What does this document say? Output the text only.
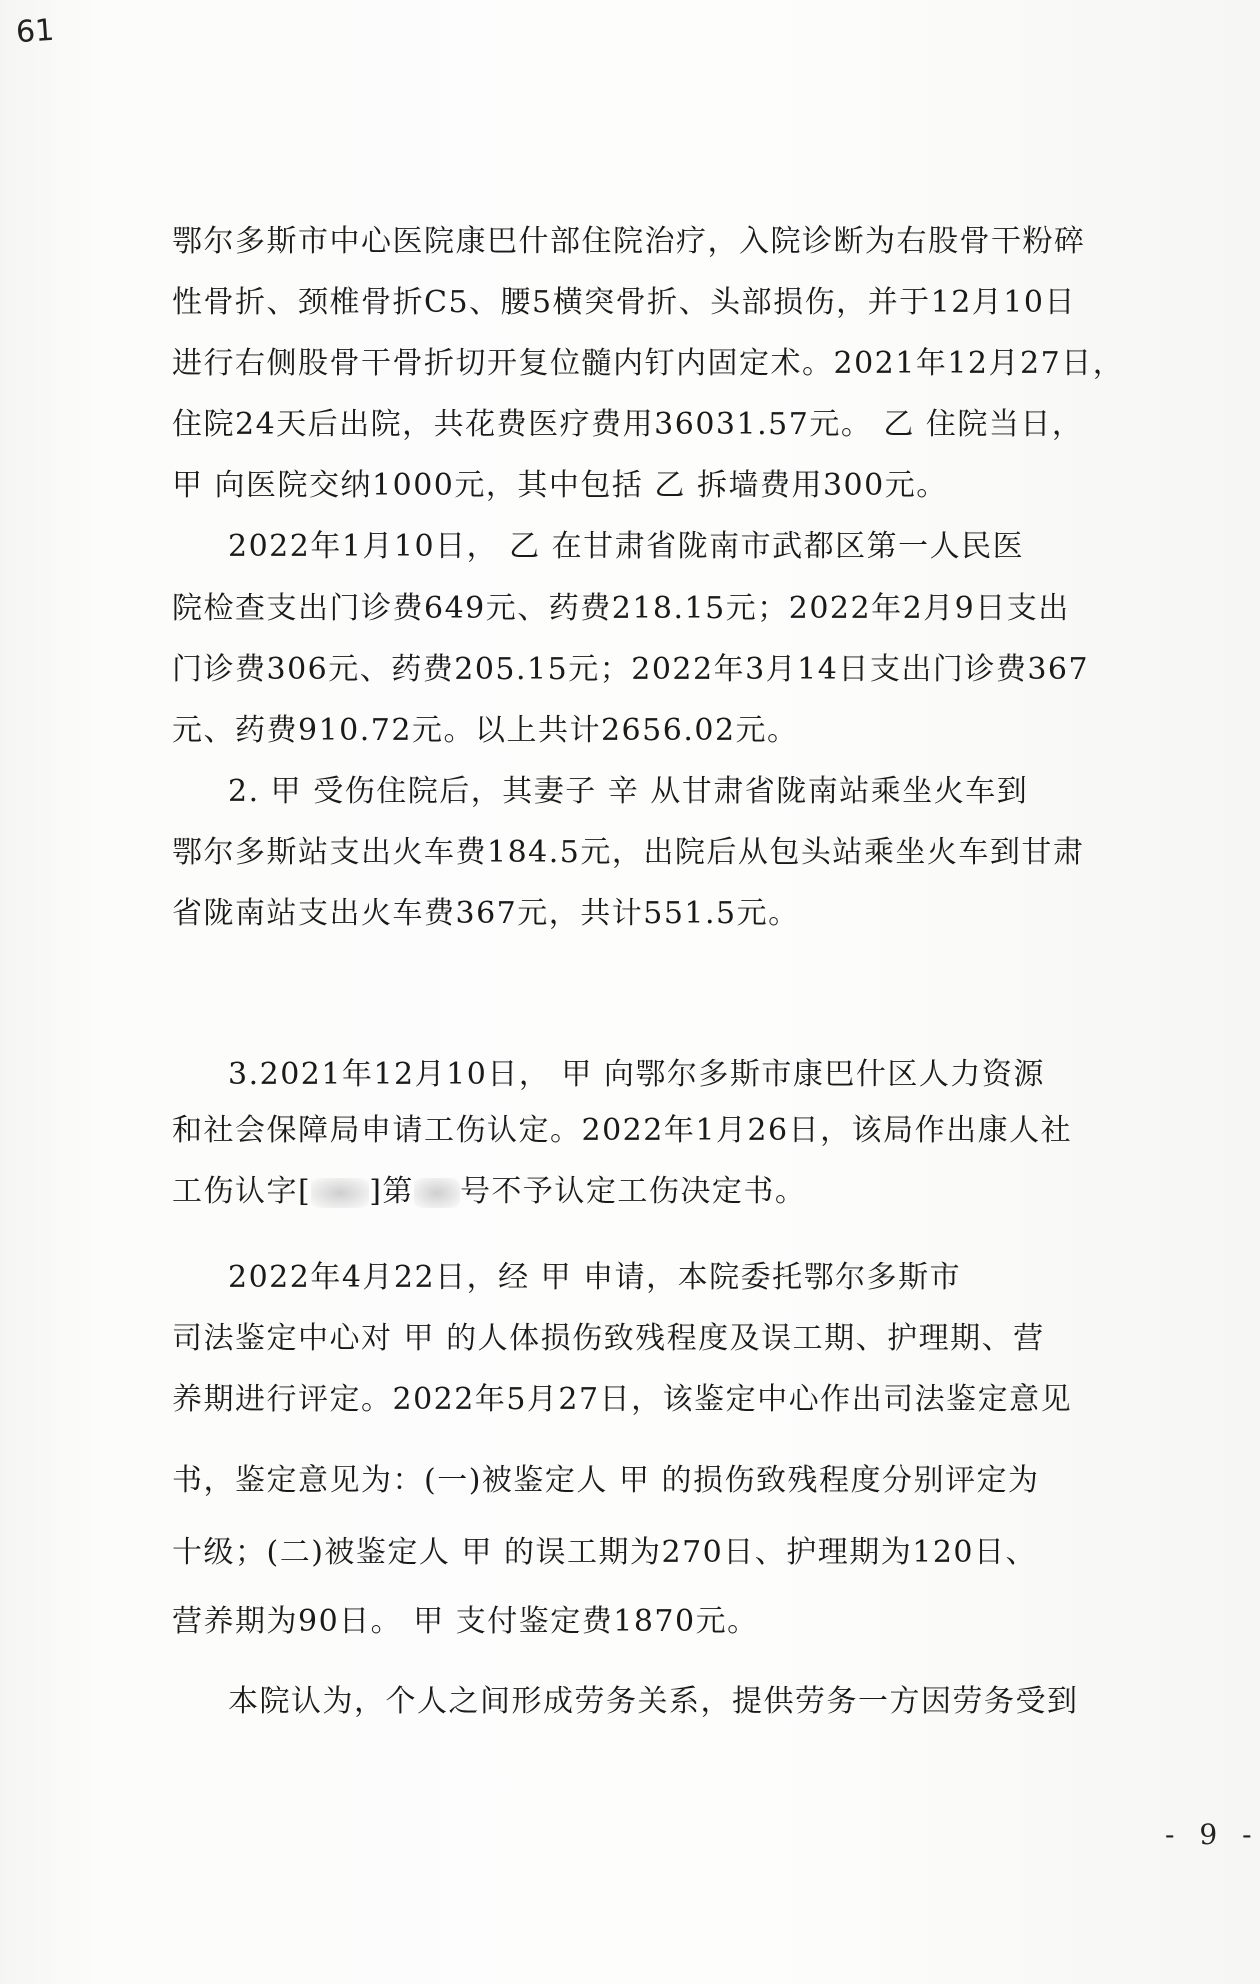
61
鄂尔多斯市中心医院康巴什部住院治疗，入院诊断为右股骨干粉碎
性骨折、颈椎骨折C5、腰5横突骨折、头部损伤，并于12月10日
进行右侧股骨干骨折切开复位髓内钉内固定术。2021年12月27日，
住院24天后出院，共花费医疗费用36031.57元。 乙 住院当日，
甲 向医院交纳1000元，其中包括 乙 拆墙费用300元。
2022年1月10日， 乙 在甘肃省陇南市武都区第一人民医
院检查支出门诊费649元、药费218.15元；2022年2月9日支出
门诊费306元、药费205.15元；2022年3月14日支出门诊费367
元、药费910.72元。以上共计2656.02元。
2. 甲 受伤住院后，其妻子 辛 从甘肃省陇南站乘坐火车到
鄂尔多斯站支出火车费184.5元，出院后从包头站乘坐火车到甘肃
省陇南站支出火车费367元，共计551.5元。
3.2021年12月10日， 甲 向鄂尔多斯市康巴什区人力资源
和社会保障局申请工伤认定。2022年1月26日，该局作出康人社
工伤认字[ ]第 号不予认定工伤决定书。
2022年4月22日，经 甲 申请，本院委托鄂尔多斯市
司法鉴定中心对 甲 的人体损伤致残程度及误工期、护理期、营
养期进行评定。2022年5月27日，该鉴定中心作出司法鉴定意见
书，鉴定意见为：(一)被鉴定人 甲 的损伤致残程度分别评定为
十级；(二)被鉴定人 甲 的误工期为270日、护理期为120日、
营养期为90日。 甲 支付鉴定费1870元。
本院认为，个人之间形成劳务关系，提供劳务一方因劳务受到
- 9 -
